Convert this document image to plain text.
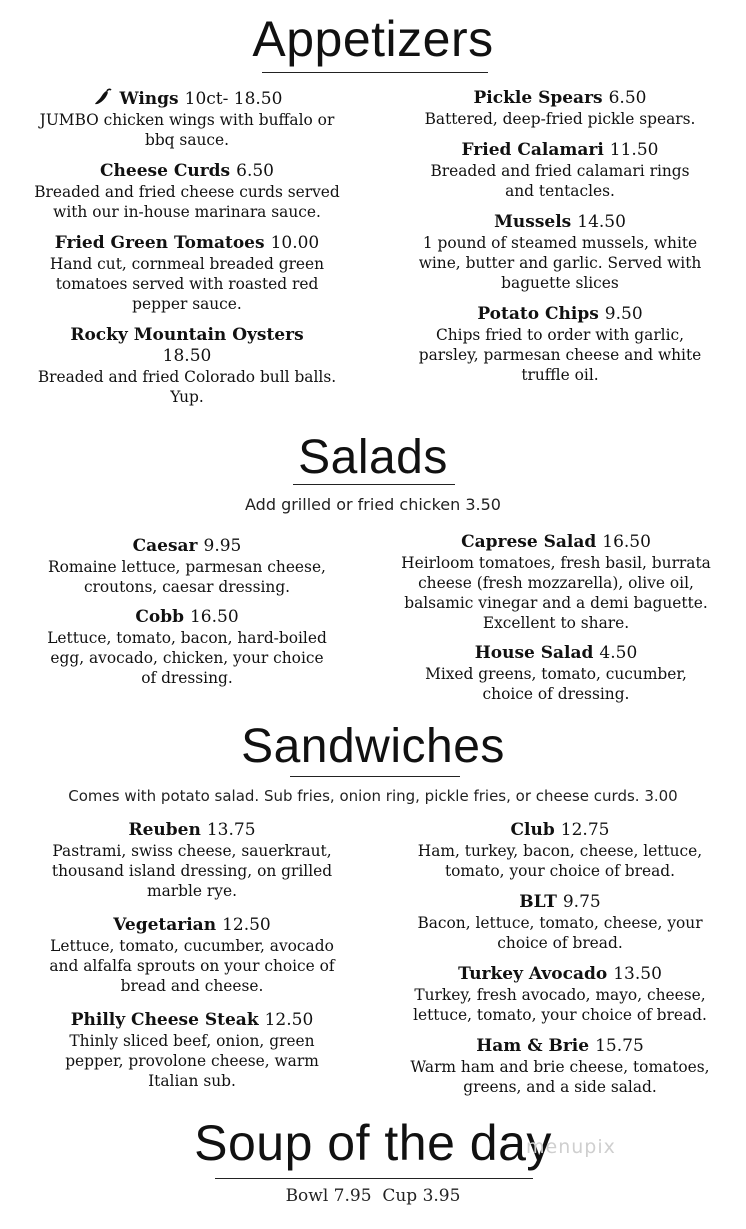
Appetizers
Wings 10ct- 18.50
JUMBO chicken wings with buffalo or
bbq sauce.
Cheese Curds 6.50
Breaded and fried cheese curds served
with our in-house marinara sauce.
Fried Green Tomatoes 10.00
Hand cut, cornmeal breaded green
tomatoes served with roasted red
pepper sauce.
Rocky Mountain Oysters
18.50
Breaded and fried Colorado bull balls.
Yup.
Pickle Spears 6.50
Battered, deep-fried pickle spears.
Fried Calamari 11.50
Breaded and fried calamari rings
and tentacles.
Mussels 14.50
1 pound of steamed mussels, white
wine, butter and garlic. Served with
baguette slices
Potato Chips 9.50
Chips fried to order with garlic,
parsley, parmesan cheese and white
truffle oil.
Salads
Add grilled or fried chicken 3.50
Caesar 9.95
Romaine lettuce, parmesan cheese,
croutons, caesar dressing.
Cobb 16.50
Lettuce, tomato, bacon, hard-boiled
egg, avocado, chicken, your choice
of dressing.
Caprese Salad 16.50
Heirloom tomatoes, fresh basil, burrata
cheese (fresh mozzarella), olive oil,
balsamic vinegar and a demi baguette.
Excellent to share.
House Salad 4.50
Mixed greens, tomato, cucumber,
choice of dressing.
Sandwiches
Comes with potato salad. Sub fries, onion ring, pickle fries, or cheese curds. 3.00
Reuben 13.75
Pastrami, swiss cheese, sauerkraut,
thousand island dressing, on grilled
marble rye.
Vegetarian 12.50
Lettuce, tomato, cucumber, avocado
and alfalfa sprouts on your choice of
bread and cheese.
Philly Cheese Steak 12.50
Thinly sliced beef, onion, green
pepper, provolone cheese, warm
Italian sub.
Club 12.75
Ham, turkey, bacon, cheese, lettuce,
tomato, your choice of bread.
BLT 9.75
Bacon, lettuce, tomato, cheese, your
choice of bread.
Turkey Avocado 13.50
Turkey, fresh avocado, mayo, cheese,
lettuce, tomato, your choice of bread.
Ham & Brie 15.75
Warm ham and brie cheese, tomatoes,
greens, and a side salad.
Soup of the day
menupix
Bowl 7.95  Cup 3.95
